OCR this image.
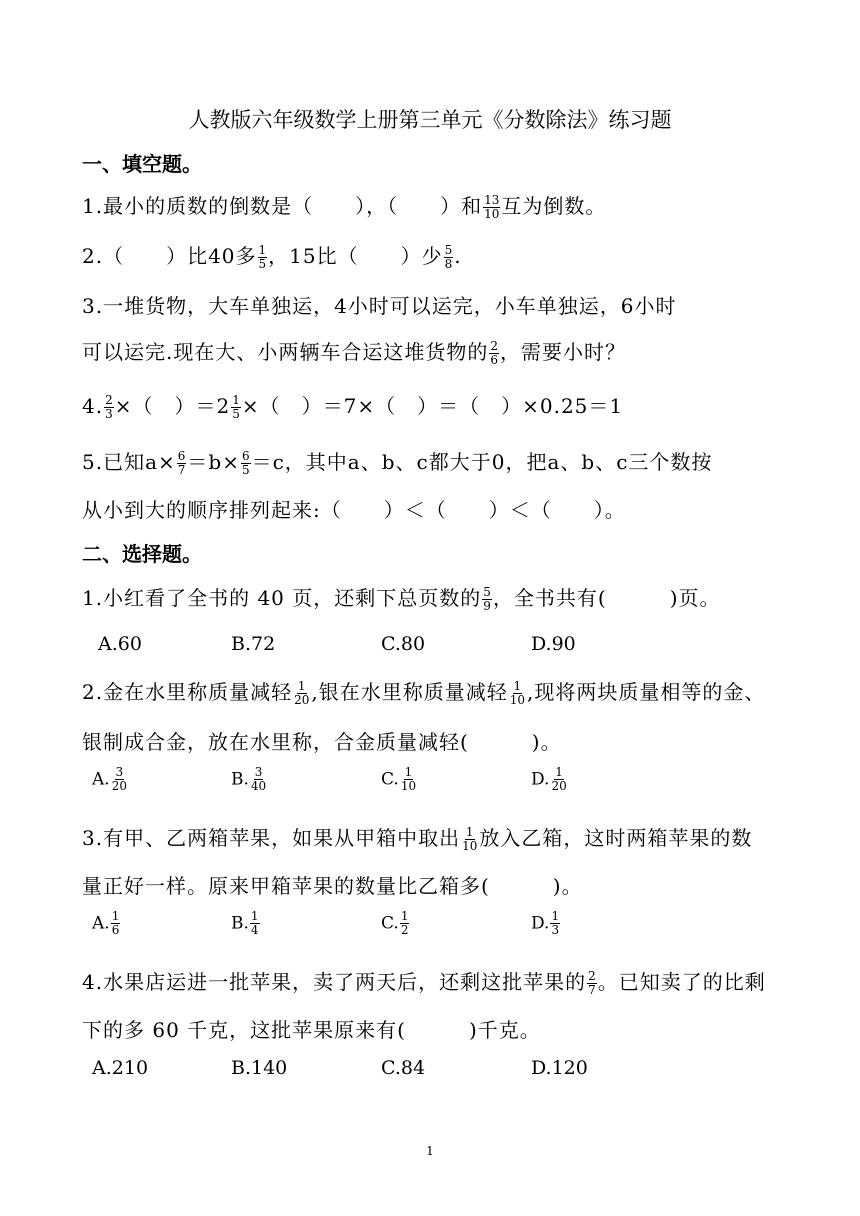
人教版六年级数学上册第三单元《分数除法》练习题
一、填空题。
1.最小的质数的倒数是（　　），（　　）和 $\frac{13}{10}$ 互为倒数。
2.（　　）比40多 $\frac{1}{5}$ ，15比（　　）少 $\frac{5}{8}$ .
3.一堆货物，大车单独运，4小时可以运完，小车单独运，6小时
可以运完.现在大、小两辆车合运这堆货物的 $\frac{2}{6}$ ，需要小时？
4. $\frac{2}{3}$ ×（　）$=2 \frac{1}{5}$ ×（　）＝7×（　）＝（　）×0.25＝1
5.已知$a\times \frac{6}{7} =b\times \frac{6}{5} =c$，其中a、b、c都大于0，把a、b、c三个数按
从小到大的顺序排列起来:（　　）＜（　　）＜（　　）。
二、选择题。
1.小红看了全书的 40 页，还剩下总页数的 $\frac{5}{9}$ ，全书共有(　　　)页。
A.60	B.72	C.80	D.90
2.金在水里称质量减轻 $\frac{1}{20}$ ,银在水里称质量减轻 $\frac{1}{10}$ ,现将两块质量相等的金、
银制成合金，放在水里称，合金质量减轻(　　　)。
A. $\frac{3}{20}$	B. $\frac{3}{40}$	C. $\frac{1}{10}$	D. $\frac{1}{20}$
3.有甲、乙两箱苹果，如果从甲箱中取出 $\frac{1}{10}$ 放入乙箱，这时两箱苹果的数
量正好一样。原来甲箱苹果的数量比乙箱多(　　　)。
A. $\frac{1}{6}$	B. $\frac{1}{4}$	C. $\frac{1}{2}$	D. $\frac{1}{3}$
4.水果店运进一批苹果，卖了两天后，还剩这批苹果的 $\frac{2}{7}$ 。已知卖了的比剩
下的多 60 千克，这批苹果原来有(　　　)千克。
A.210	B.140	C.84	D.120
1
